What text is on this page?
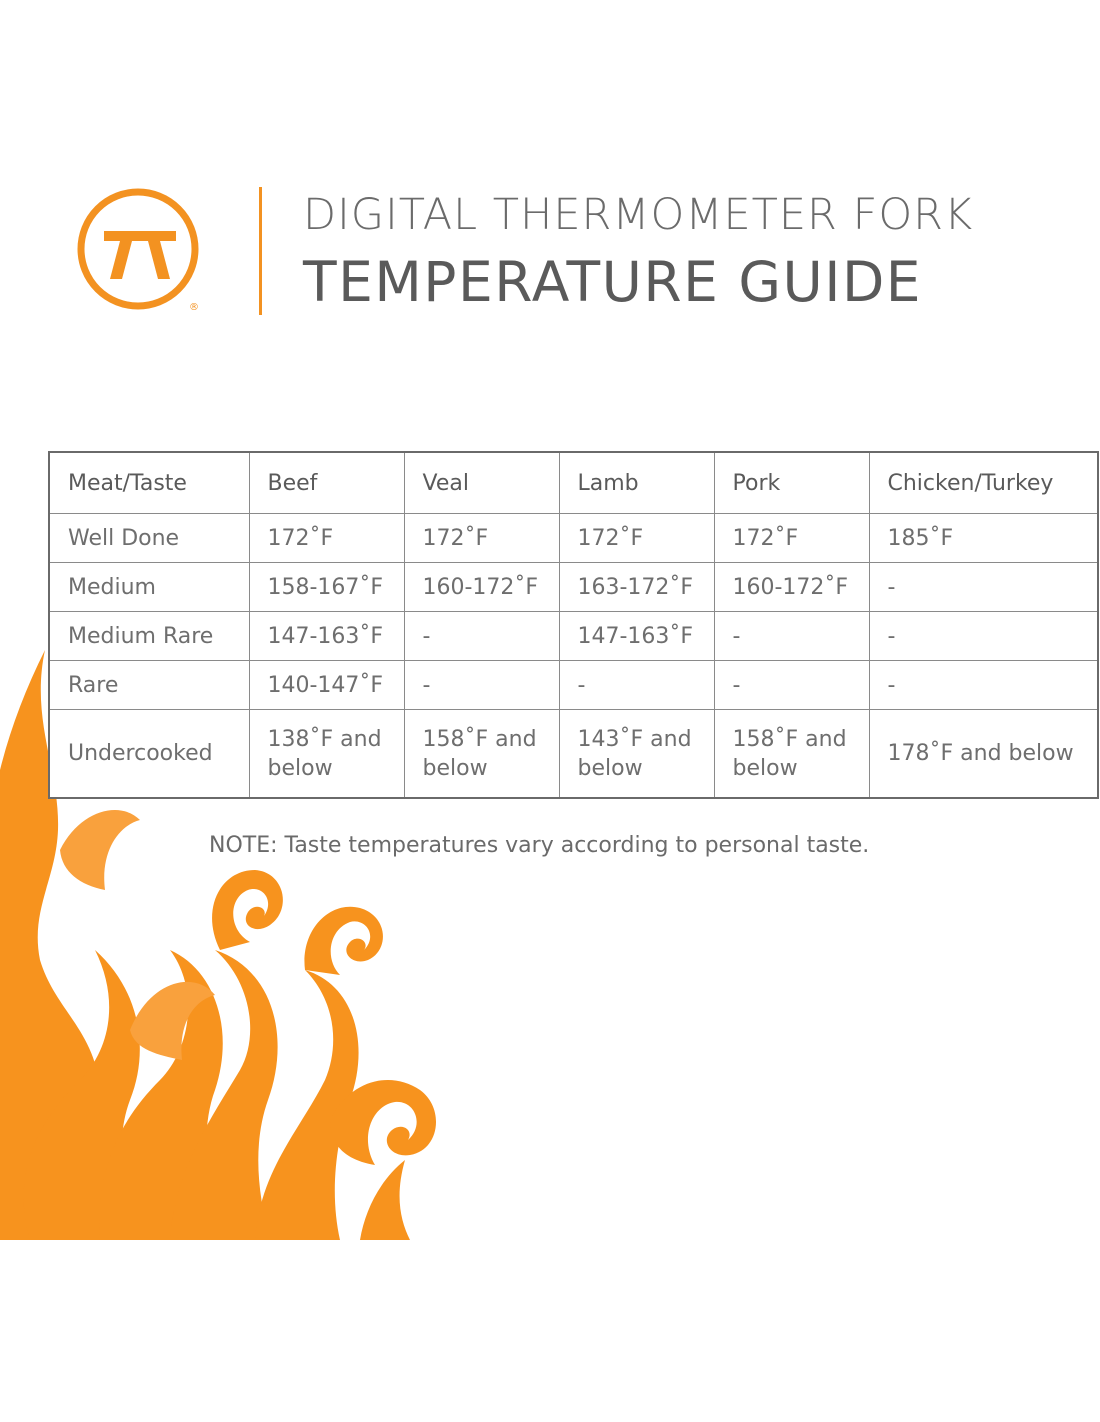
®
DIGITAL THERMOMETER FORK
TEMPERATURE GUIDE
Meat/Taste	Beef	Veal	Lamb	Pork	Chicken/Turkey
Well Done	172˚F	172˚F	172˚F	172˚F	185˚F
Medium	158-167˚F	160-172˚F	163-172˚F	160-172˚F	-
Medium Rare	147-163˚F	-	147-163˚F	-	-
Rare	140-147˚F	-	-	-	-
Undercooked	138˚F and below	158˚F and below	143˚F and below	158˚F and below	178˚F and below
NOTE: Taste temperatures vary according to personal taste.
